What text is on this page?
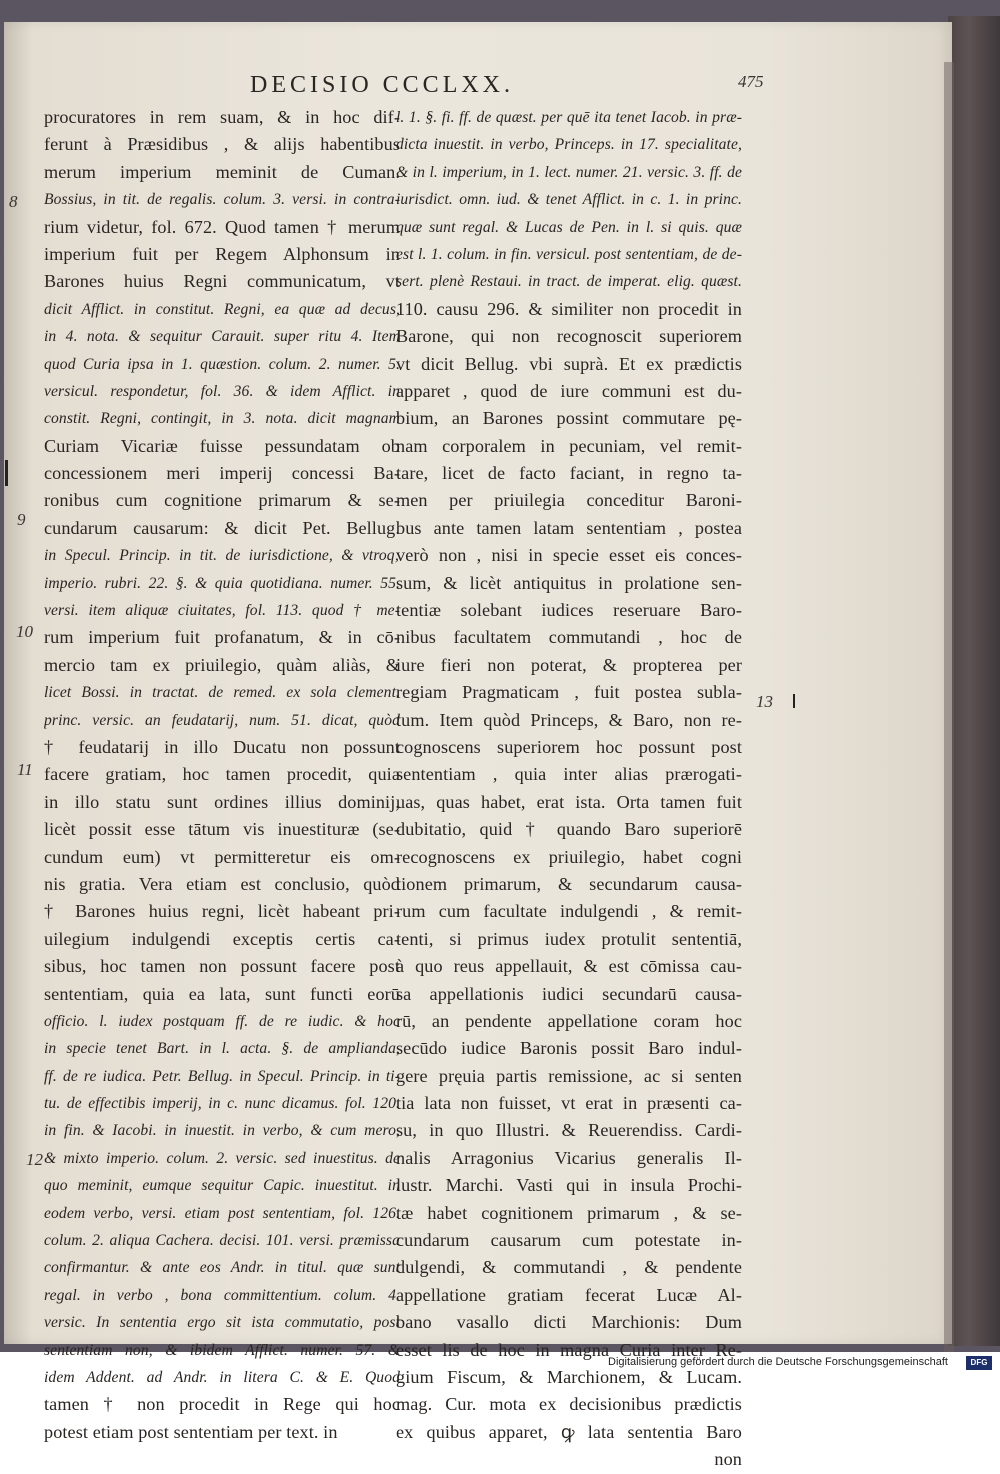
DECISIO CCCLXX.	475
8
9
10
11
12
13
procuratores in rem suam, & in hoc dif-
ferunt à Præsidibus , & alijs habentibus
merum imperium meminit de Cuman.
Bossius, in tit. de regalis. colum. 3. versi. in contra-
rium videtur, fol. 672. Quod tamen † merum
imperium fuit per Regem Alphonsum in
Barones huius Regni communicatum, vt
dicit Afflict. in constitut. Regni, ea quæ ad decus,
in 4. nota. & sequitur Carauit. super ritu 4. Item
quod Curia ipsa in 1. quæstion. colum. 2. numer. 5.
versicul. respondetur, fol. 36. & idem Afflict. in
constit. Regni, contingit, in 3. nota. dicit magnam
Curiam Vicariæ fuisse pessundatam ob
concessionem meri imperij concessi Ba-
ronibus cum cognitione primarum & se-
cundarum causarum: & dicit Pet. Bellug.
in Specul. Princip. in tit. de iurisdictione, & vtroq;
imperio. rubri. 22. §. & quia quotidiana. numer. 55.
versi. item aliquæ ciuitates, fol. 113. quod † me-
rum imperium fuit profanatum, & in cō-
mercio tam ex priuilegio, quàm aliàs, &
licet Bossi. in tractat. de remed. ex sola clement.
princ. versic. an feudatarij, num. 51. dicat, quòd
† feudatarij in illo Ducatu non possunt
facere gratiam, hoc tamen procedit, quia
in illo statu sunt ordines illius dominij,
licèt possit esse tātum vis inuestituræ (se-
cundum eum) vt permitteretur eis om-
nis gratia. Vera etiam est conclusio, quòd
† Barones huius regni, licèt habeant pri-
uilegium indulgendi exceptis certis ca-
sibus, hoc tamen non possunt facere post
sententiam, quia ea lata, sunt functi eorū
officio. l. iudex postquam ff. de re iudic. & hoc
in specie tenet Bart. in l. acta. §. de amplianda,
ff. de re iudica. Petr. Bellug. in Specul. Princip. in ti-
tu. de effectibis imperij, in c. nunc dicamus. fol. 120.
in fin. & Iacobi. in inuestit. in verbo, & cum mero,
& mixto imperio. colum. 2. versic. sed inuestitus. de
quo meminit, eumque sequitur Capic. inuestitut. in
eodem verbo, versi. etiam post sententiam, fol. 126.
colum. 2. aliqua Cachera. decisi. 101. versi. præmissa
confirmantur. & ante eos Andr. in titul. quæ sunt
regal. in verbo , bona committentium. colum. 4.
versic. In sententia ergo sit ista commutatio, post
sententiam non, & ibidem Afflict. numer. 57. &
idem Addent. ad Andr. in litera C. & E. Quod
tamen † non procedit in Rege qui hoc
potest etiam post sententiam per text. in
l. 1. §. fi. ff. de quæst. per quē ita tenet Iacob. in præ-
dicta inuestit. in verbo, Princeps. in 17. specialitate,
& in l. imperium, in 1. lect. numer. 21. versic. 3. ff. de
iurisdict. omn. iud. & tenet Afflict. in c. 1. in princ.
quæ sunt regal. & Lucas de Pen. in l. si quis. quæ
est l. 1. colum. in fin. versicul. post sententiam, de de-
sert. plenè Restaui. in tract. de imperat. elig. quæst.
110. causu 296. & similiter non procedit in
Barone, qui non recognoscit superiorem
vt dicit Bellug. vbi suprà. Et ex prædictis
apparet , quod de iure communi est du-
bium, an Barones possint commutare pę-
nam corporalem in pecuniam, vel remit-
tare, licet de facto faciant, in regno ta-
men per priuilegia conceditur Baroni-
bus ante tamen latam sententiam , postea
verò non , nisi in specie esset eis conces-
sum, & licèt antiquitus in prolatione sen-
tentiæ solebant iudices reseruare Baro-
nibus facultatem commutandi , hoc de
iure fieri non poterat, & propterea per
regiam Pragmaticam , fuit postea subla-
tum. Item quòd Princeps, & Baro, non re-
cognoscens superiorem hoc possunt post
sententiam , quia inter alias prærogati-
uas, quas habet, erat ista. Orta tamen fuit
dubitatio, quid † quando Baro superiorē
recognoscens ex priuilegio, habet cogni
tionem primarum, & secundarum causa-
rum cum facultate indulgendi , & remit-
tenti, si primus iudex protulit sententiā,
à quo reus appellauit, & est cōmissa cau-
sa appellationis iudici secundarū causa-
rū, an pendente appellatione coram hoc
secūdo iudice Baronis possit Baro indul-
gere pręuia partis remissione, ac si senten
tia lata non fuisset, vt erat in præsenti ca-
su, in quo Illustri. & Reuerendiss. Cardi-
nalis Arragonius Vicarius generalis Il-
lustr. Marchi. Vasti qui in insula Prochi-
tæ habet cognitionem primarum , & se-
cundarum causarum cum potestate in-
dulgendi, & commutandi , & pendente
appellatione gratiam fecerat Lucæ Al-
bano vasallo dicti Marchionis: Dum
esset lis de hoc in magna Curia inter Re-
gium Fiscum, & Marchionem, & Lucam.
mag. Cur. mota ex decisionibus prædictis
ex quibus apparet, ꝙ lata sententia Baro
non
Digitalisierung gefördert durch die Deutsche Forschungsgemeinschaft	DFG
